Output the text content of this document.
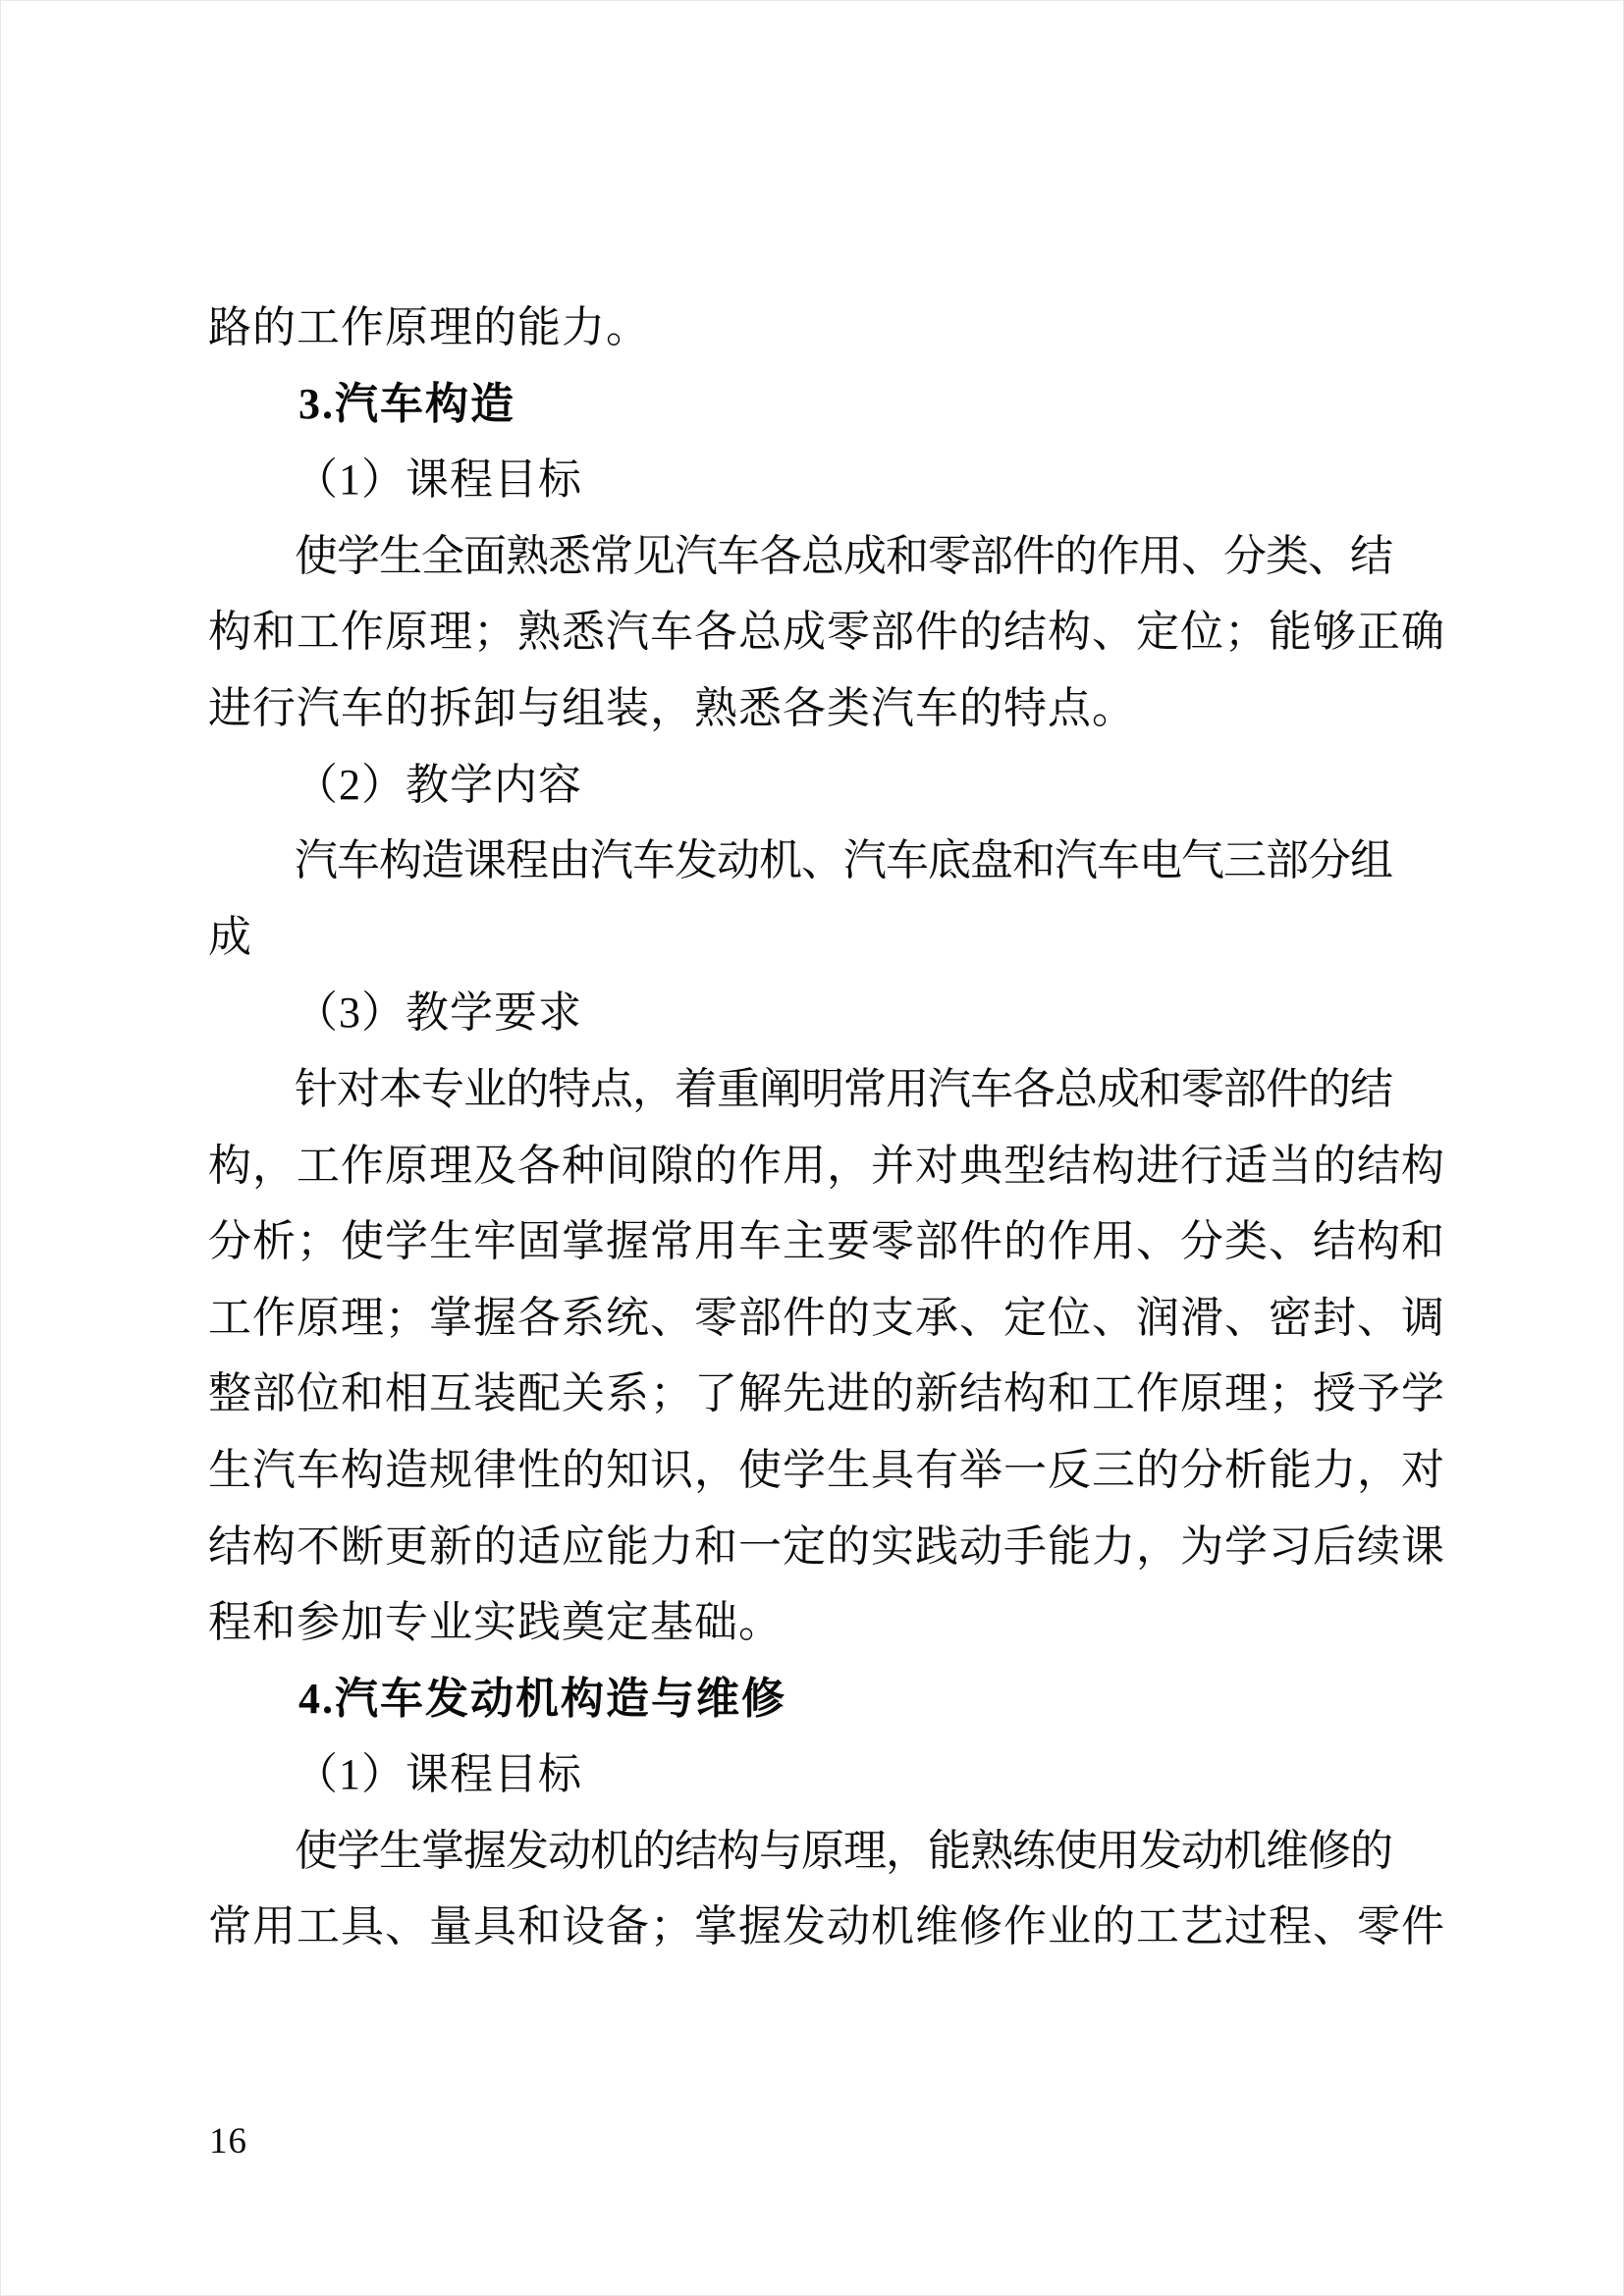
路的工作原理的能力。
3.汽车构造
（1）课程目标
使学生全面熟悉常见汽车各总成和零部件的作用、分类、结
构和工作原理；熟悉汽车各总成零部件的结构、定位；能够正确
进行汽车的拆卸与组装，熟悉各类汽车的特点。
（2）教学内容
汽车构造课程由汽车发动机、汽车底盘和汽车电气三部分组
成
（3）教学要求
针对本专业的特点，着重阐明常用汽车各总成和零部件的结
构，工作原理及各种间隙的作用，并对典型结构进行适当的结构
分析；使学生牢固掌握常用车主要零部件的作用、分类、结构和
工作原理；掌握各系统、零部件的支承、定位、润滑、密封、调
整部位和相互装配关系；了解先进的新结构和工作原理；授予学
生汽车构造规律性的知识，使学生具有举一反三的分析能力，对
结构不断更新的适应能力和一定的实践动手能力，为学习后续课
程和参加专业实践奠定基础。
4.汽车发动机构造与维修
（1）课程目标
使学生掌握发动机的结构与原理，能熟练使用发动机维修的
常用工具、量具和设备；掌握发动机维修作业的工艺过程、零件
16
